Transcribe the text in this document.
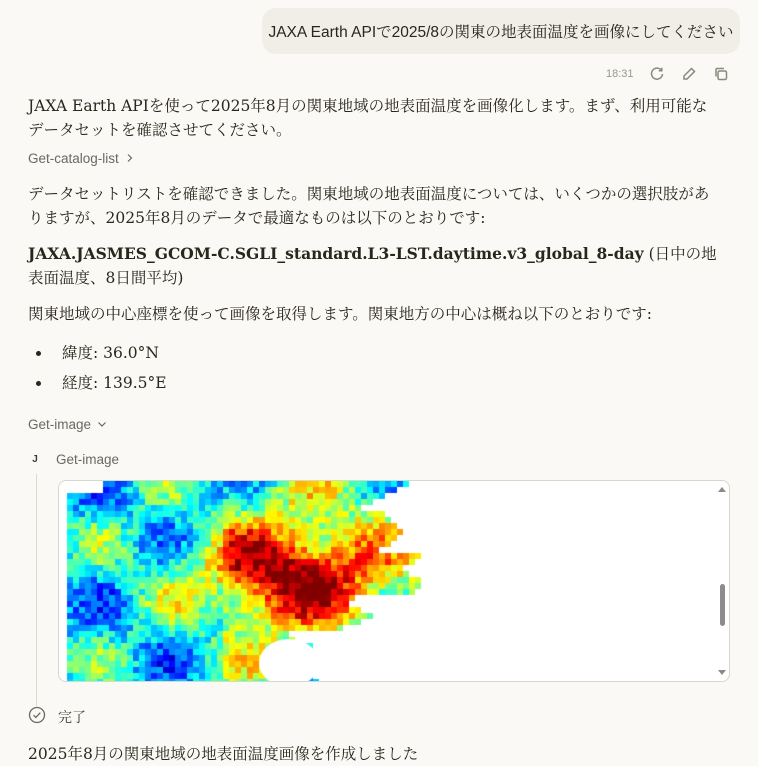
JAXA Earth APIで2025/8の関東の地表面温度を画像にしてください
18:31

JAXA Earth APIを使って2025年8月の関東地域の地表面温度を画像化します。まず、利用可能なデータセットを確認させてください。

Get-catalog-list

データセットリストを確認できました。関東地域の地表面温度については、いくつかの選択肢がありますが、2025年8月のデータで最適なものは以下のとおりです:

JAXA.JASMES_GCOM-C.SGLI_standard.L3-LST.daytime.v3_global_8-day (日中の地表面温度、8日間平均)

関東地域の中心座標を使って画像を取得します。関東地方の中心は概ね以下のとおりです:

緯度: 36.0°N
経度: 139.5°E
Get-image
J	Get-image
完了

2025年8月の関東地域の地表面温度画像を作成しました
